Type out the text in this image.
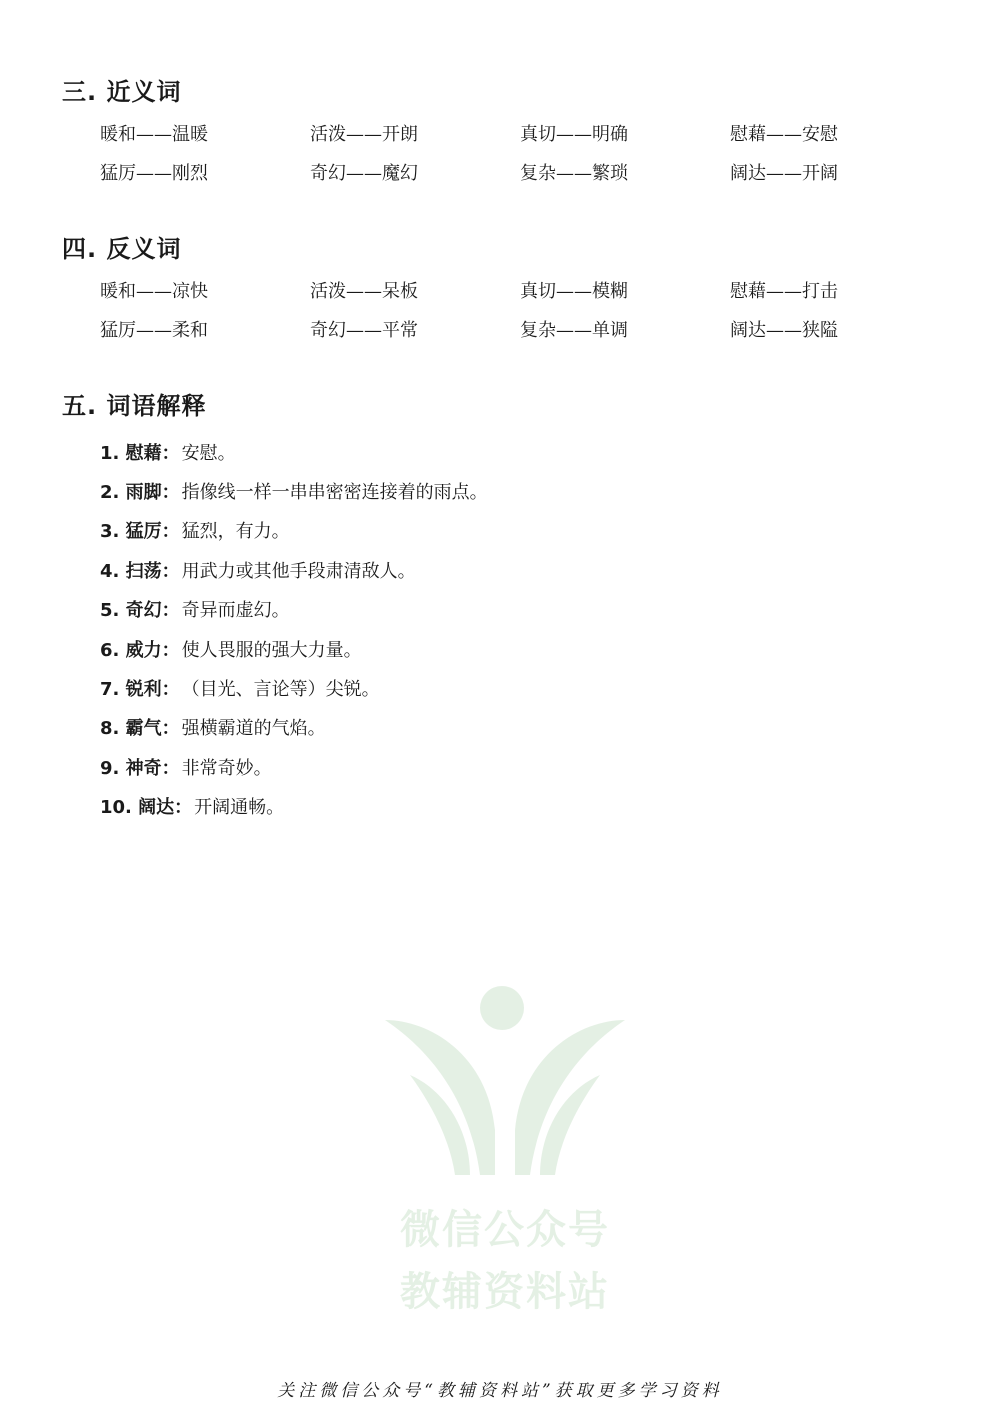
三. 近义词
暖和——温暖	活泼——开朗	真切——明确	慰藉——安慰
猛厉——刚烈	奇幻——魔幻	复杂——繁琐	阔达——开阔
四. 反义词
暖和——凉快	活泼——呆板	真切——模糊	慰藉——打击
猛厉——柔和	奇幻——平常	复杂——单调	阔达——狭隘
五. 词语解释
1. 慰藉 ： 安慰。
2. 雨脚 ： 指像线一样一串串密密连接着的雨点。
3. 猛厉 ： 猛烈，有力。
4. 扫荡 ： 用武力或其他手段肃清敌人。
5. 奇幻 ： 奇异而虚幻。
6. 威力 ： 使人畏服的强大力量。
7. 锐利 ： （目光、言论等）尖锐。
8. 霸气 ： 强横霸道的气焰。
9. 神奇 ： 非常奇妙。
10. 阔达 ： 开阔通畅。
微信公众号
教辅资料站
关注微信公众号“教辅资料站”获取更多学习资料
